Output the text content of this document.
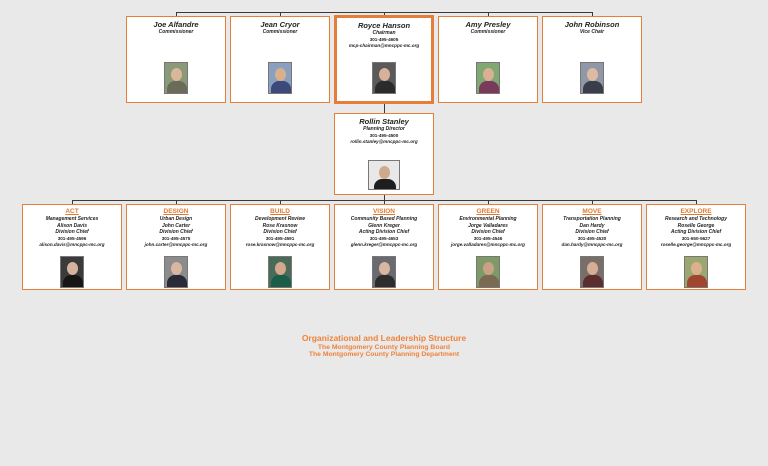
Joe Alfandre
Commissioner
Jean Cryor
Commissioner
Royce Hanson
Chairman
301-495-4605
mcp-chairman@mncppc-mc.org
Amy Presley
Commissioner
John Robinson
Vice Chair
Rollin Stanley
Planning Director
301-495-4500
rollin.stanley@mncppc-mc.org
ACT
Management Services
Alison Davis
Division Chief
301-495-4596
alison.davis@mncppc-mc.org
DESIGN
Urban Design
John Carter
Division Chief
301-495-4575
john.carter@mncppc-mc.org
BUILD
Development Review
Rose Krasnow
Division Chief
301-495-4591
rose.krasnow@mncppc-mc.org
VISION
Community Based Planning
Glenn Kreger
Acting Division Chief
301-495-4653
glenn.kreger@mncppc-mc.org
GREEN
Environmental Planning
Jorge Valladares
Division Chief
301-495-4546
jorge.valladares@mncppc-mc.org
MOVE
Transportation Planning
Dan Hardy
Division Chief
301-495-4530
dan.hardy@mncppc-mc.org
EXPLORE
Research and Technology
Roselle George
Acting Division Chief
301-650-5627
roselle.george@mncppc-mc.org
Organizational and Leadership Structure
The Montgomery County Planning Board
The Montgomery County Planning Department
